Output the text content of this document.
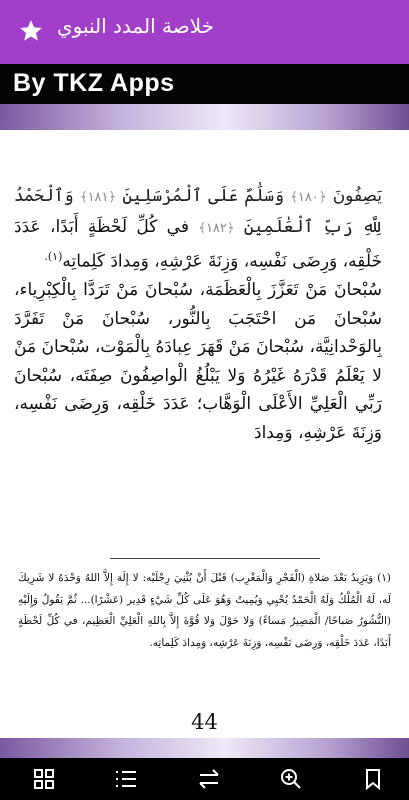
خلاصة المدد النبوي
By TKZ Apps

يَصِفُونَ ﴿١٨٠﴾ وَسَلَٰمٌ عَلَى ٱلْمُرْسَلِينَ ﴿١٨١﴾ وَٱلْحَمْدُ لِلَّهِ رَبِّ ٱلْعَٰلَمِينَ ﴿١٨٢﴾ في كُلِّ لَحْظَةٍ أَبَدًا، عَدَدَ خَلْقِه، وَرِضَى نَفْسِه، وَزِنَةَ عَرْشِهِ، وَمِدادَ كَلِماتِه$^{(١).}$

سُبْحانَ مَنْ تَعَزَّزَ بِالْعَظَمَة، سُبْحانَ مَنْ تَرَدَّا بِالْكِبْرِياء، سُبْحانَ مَن احْتَجَبَ بِالنُّور، سُبْحانَ مَنْ تَفَرَّدَ بِالوَحْدانِيَّة، سُبْحانَ مَنْ قَهَرَ عِبادَهُ بِالْمَوْت، سُبْحانَ مَنْ لا يَعْلَمُ قَدْرَهُ غَيْرُهُ وَلا يَبْلُغُ الْواصِفُونَ صِفَتَه، سُبْحانَ رَبِّي الْعَلِيِّ الأَعْلَى الْوَهَّاب؛ عَدَدَ خَلْقِه، وَرِضَى نَفْسِه، وَزِنَةَ عَرْشِهِ، وَمِدادَ

(١) وَيَزِيدُ بَعْدَ صَلاةِ (الْفَجْرِ وَالْمَغْرِب) قَبْلَ أَنْ يُثْنِيَ رِجْلَيْه: لا إِلَهَ إِلاَّ اللهُ وَحْدَهُ لا شَرِيكَ لَه، لَهُ الْمُلْكُ وَلَهُ الْحَمْدُ يُحْيِي وَيُمِيتُ وَهُوَ عَلَى كُلِّ شَيْءٍ قَدِير (عَشْرًا)... ثُمَّ يَقُولُ وَإِلَيْهِ (النُّشُورُ صَباحًا/ الْمَصِيرُ مَساءً) وَلا حَوْلَ وَلا قُوَّةَ إِلاَّ بِاللهِ الْعَلِيِّ الْعَظِيم، في كُلِّ لَحْظَةٍ أَبَدًا، عَدَدَ خَلْقِه، وَرِضَى نَفْسِه، وَزِنَةَ عَرْشِه، وَمِدادَ كَلِماتِه.

44
